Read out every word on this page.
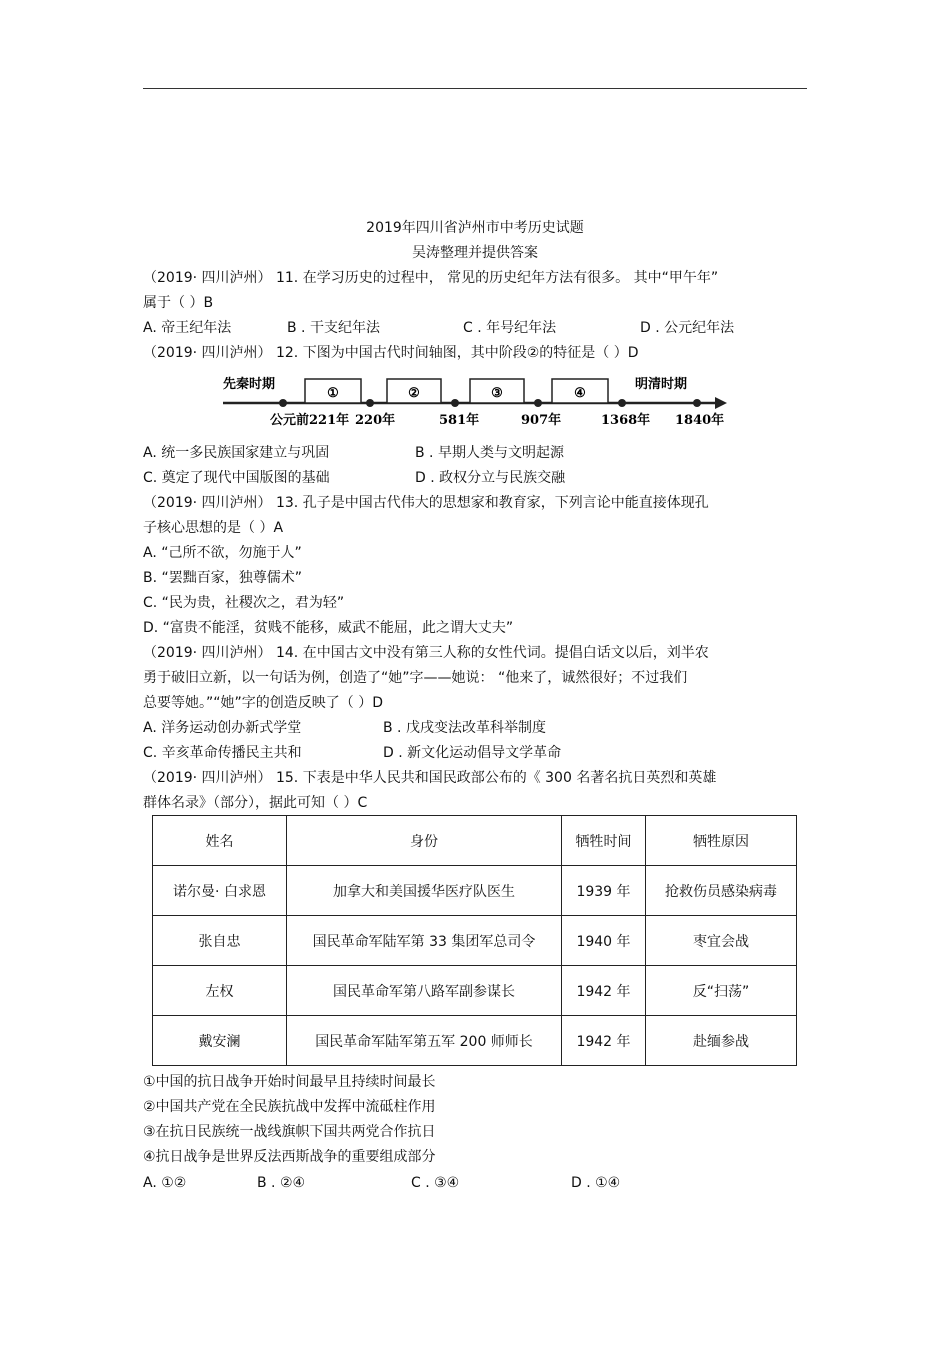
2019年四川省泸州市中考历史试题
吴涛整理并提供答案
（2019· 四川泸州） 11. 在学习历史的过程中， 常见的历史纪年方法有很多。 其中“甲午年”
属于（ ）B
A. 帝王纪年法	B . 干支纪年法	C . 年号纪年法	D . 公元纪年法
（2019· 四川泸州） 12. 下图为中国古代时间轴图，其中阶段②的特征是（ ）D
先秦时期	明清时期
①	②	③	④
公元前221年 220年	581年	907年	1368年 1840年
A. 统一多民族国家建立与巩固	B . 早期人类与文明起源
C. 奠定了现代中国版图的基础	D . 政权分立与民族交融
（2019· 四川泸州） 13. 孔子是中国古代伟大的思想家和教育家，下列言论中能直接体现孔
子核心思想的是（ ）A
A. “己所不欲，勿施于人”
B. “罢黜百家，独尊儒术”
C. “民为贵，社稷次之，君为轻”
D. “富贵不能淫，贫贱不能移，威武不能屈，此之谓大丈夫”
（2019· 四川泸州） 14. 在中国古文中没有第三人称的女性代词。提倡白话文以后，刘半农
勇于破旧立新，以一句话为例，创造了“她”字——她说： “他来了，诚然很好；不过我们
总要等她。”“她”字的创造反映了（ ）D
A. 洋务运动创办新式学堂	B . 戊戌变法改革科举制度
C. 辛亥革命传播民主共和	D . 新文化运动倡导文学革命
（2019· 四川泸州） 15. 下表是中华人民共和国民政部公布的《 300 名著名抗日英烈和英雄
群体名录》（部分），据此可知（ ）C
姓名	身份	牺牲时间	牺牲原因
诺尔曼· 白求恩	加拿大和美国援华医疗队医生	1939 年	抢救伤员感染病毒
张自忠	国民革命军陆军第 33 集团军总司令	1940 年	枣宜会战
左权	国民革命军第八路军副参谋长	1942 年	反“扫荡”
戴安澜	国民革命军陆军第五军 200 师师长	1942 年	赴缅参战
①中国的抗日战争开始时间最早且持续时间最长
②中国共产党在全民族抗战中发挥中流砥柱作用
③在抗日民族统一战线旗帜下国共两党合作抗日
④抗日战争是世界反法西斯战争的重要组成部分
A. ①②	B . ②④	C . ③④	D . ①④
